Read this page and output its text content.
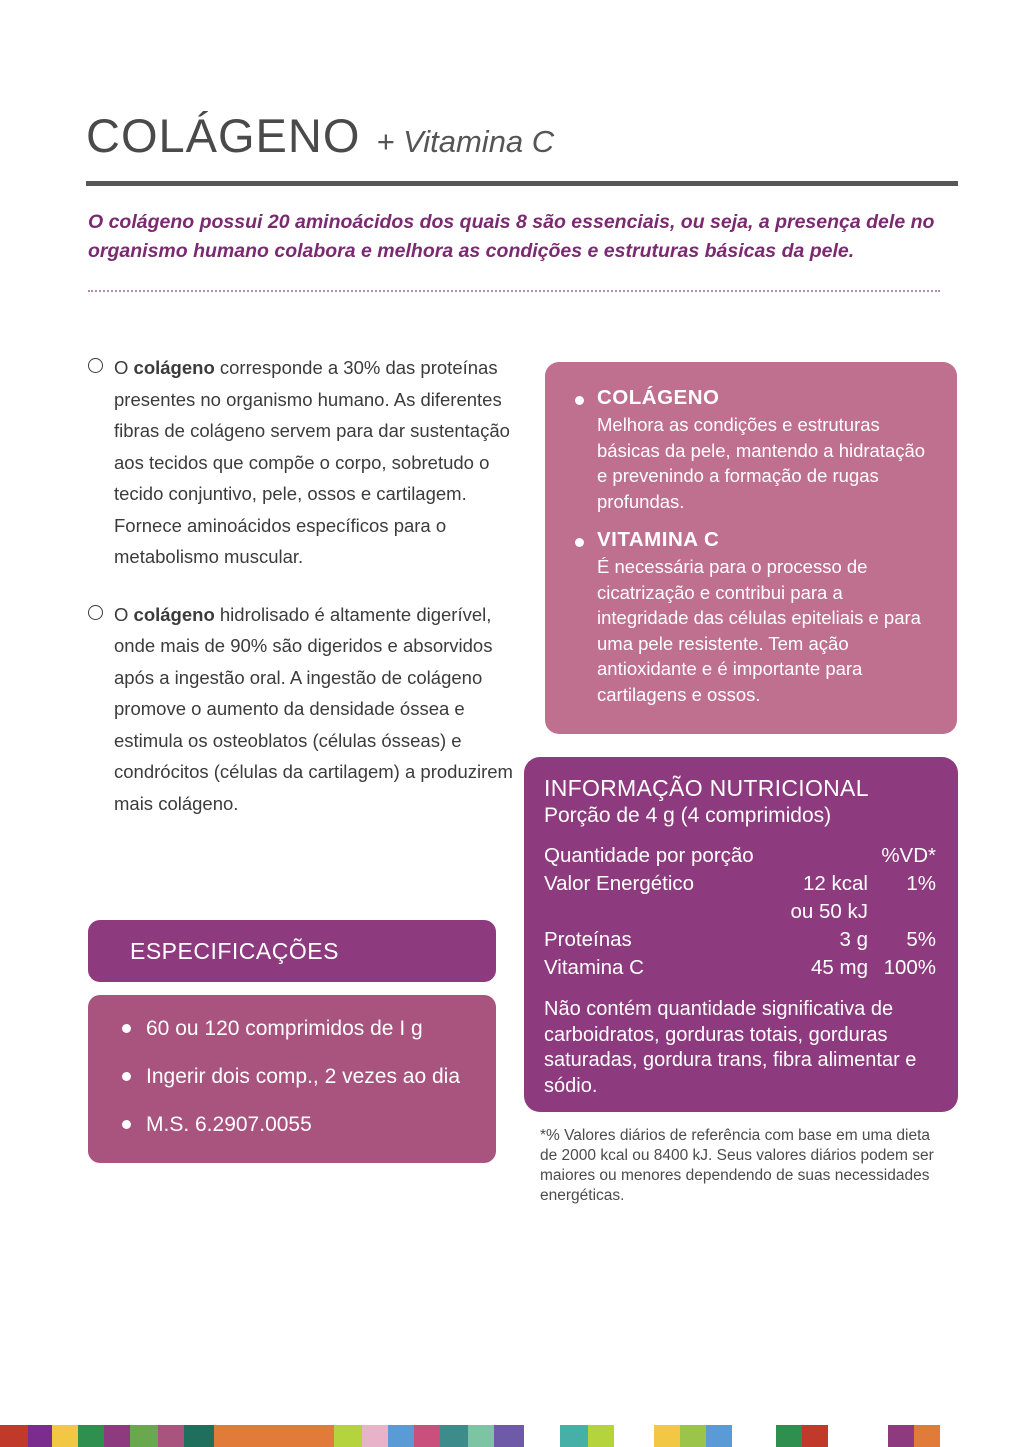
COLÁGENO + Vitamina C
O colágeno possui 20 aminoácidos dos quais 8 são essenciais, ou seja, a presença dele no organismo humano colabora e melhora as condições e estruturas básicas da pele.
O colágeno corresponde a 30% das proteínas presentes no organismo humano. As diferentes fibras de colágeno servem para dar sustentação aos tecidos que compõe o corpo, sobretudo o tecido conjuntivo, pele, ossos e cartilagem. Fornece aminoácidos específicos para o metabolismo muscular.
O colágeno hidrolisado é altamente digerível, onde mais de 90% são digeridos e absorvidos após a ingestão oral. A ingestão de colágeno promove o aumento da densidade óssea e estimula os osteoblatos (células ósseas) e condrócitos (células da cartilagem) a produzirem mais colágeno.
ESPECIFICAÇÕES
60 ou 120 comprimidos de I g
Ingerir dois comp., 2 vezes ao dia
M.S. 6.2907.0055
COLÁGENO
Melhora as condições e estruturas básicas da pele, mantendo a hidratação e prevenindo a formação de rugas profundas.
VITAMINA C
É necessária para o processo de cicatrização e contribui para a integridade das células epiteliais e para uma pele resistente. Tem ação antioxidante e é importante para cartilagens e ossos.
INFORMAÇÃO NUTRICIONAL
Porção de 4 g (4 comprimidos)
Quantidade por porção		%VD*
Valor Energético	12 kcal	1%
	ou 50 kJ	
Proteínas	3 g	5%
Vitamina C	45 mg	100%
Não contém quantidade significativa de carboidratos, gorduras totais, gorduras saturadas, gordura trans, fibra alimentar e sódio.
*% Valores diários de referência com base em uma dieta de 2000 kcal ou 8400 kJ. Seus valores diários podem ser maiores ou menores dependendo de suas necessidades energéticas.
